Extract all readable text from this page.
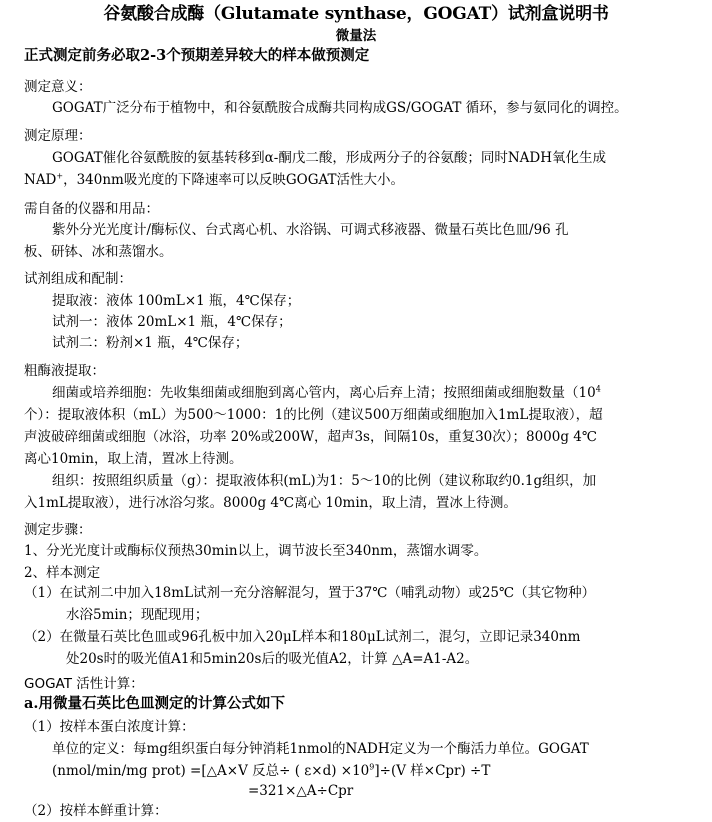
谷氨酸合成酶（Glutamate synthase，GOGAT）试剂盒说明书
微量法
正式测定前务必取2-3个预期差异较大的样本做预测定
测定意义：
GOGAT广泛分布于植物中，和谷氨酰胺合成酶共同构成GS/GOGAT 循环，参与氨同化的调控。
测定原理：
GOGAT催化谷氨酰胺的氨基转移到α-酮戊二酸，形成两分子的谷氨酸；同时NADH氧化生成
NAD+，340nm吸光度的下降速率可以反映GOGAT活性大小。
需自备的仪器和用品：
紫外分光光度计/酶标仪、台式离心机、水浴锅、可调式移液器、微量石英比色皿/96 孔
板、研钵、冰和蒸馏水。
试剂组成和配制：
提取液：液体 100mL×1 瓶，4℃保存；
试剂一：液体 20mL×1 瓶，4℃保存；
试剂二：粉剂×1 瓶，4℃保存；
粗酶液提取：
细菌或培养细胞：先收集细菌或细胞到离心管内，离心后弃上清；按照细菌或细胞数量（$10^4$
个）：提取液体积（mL）为500～1000：1的比例（建议500万细菌或细胞加入1mL提取液），超
声波破碎细菌或细胞（冰浴，功率 20%或200W，超声3s，间隔10s，重复30次）；8000g 4℃
离心10min，取上清，置冰上待测。
组织：按照组织质量（g）：提取液体积(mL)为1：5～10的比例（建议称取约0.1g组织，加
入1mL提取液），进行冰浴匀浆。8000g 4℃离心 10min，取上清，置冰上待测。
测定步骤：
1、分光光度计或酶标仪预热30min以上，调节波长至340nm，蒸馏水调零。
2、样本测定
（1）在试剂二中加入18mL试剂一充分溶解混匀，置于37℃（哺乳动物）或25℃（其它物种）
水浴5min；现配现用；
（2）在微量石英比色皿或96孔板中加入20μL样本和180μL试剂二，混匀，立即记录340nm
处20s时的吸光值A1和5min20s后的吸光值A2，计算 △A=A1-A2。
GOGAT 活性计算：
a.用微量石英比色皿测定的计算公式如下
（1）按样本蛋白浓度计算：
单位的定义：每mg组织蛋白每分钟消耗1nmol的NADH定义为一个酶活力单位。GOGAT
(nmol/min/mg prot) =[△A×V 反总÷ ( $\varepsilon\times d) \times 10^9]\div(V$ 样×Cpr) ÷T
=321×△A÷Cpr
（2）按样本鲜重计算：
